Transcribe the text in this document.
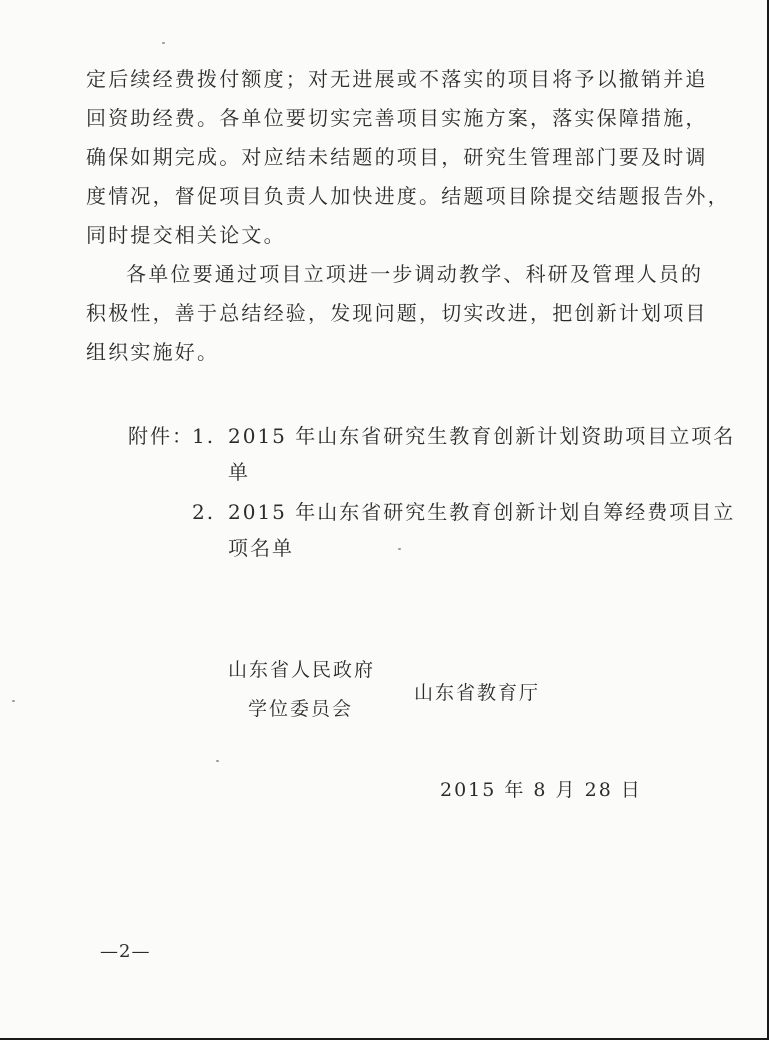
定后续经费拨付额度；对无进展或不落实的项目将予以撤销并追
回资助经费。各单位要切实完善项目实施方案，落实保障措施，
确保如期完成。对应结未结题的项目，研究生管理部门要及时调
度情况，督促项目负责人加快进度。结题项目除提交结题报告外，
同时提交相关论文。
各单位要通过项目立项进一步调动教学、科研及管理人员的
积极性，善于总结经验，发现问题，切实改进，把创新计划项目
组织实施好。
附件：
1. 2015 年山东省研究生教育创新计划资助项目立项名
单
2. 2015 年山东省研究生教育创新计划自筹经费项目立
项名单
山东省人民政府
学位委员会
山东省教育厅
2015 年 8 月 28 日
—2—
